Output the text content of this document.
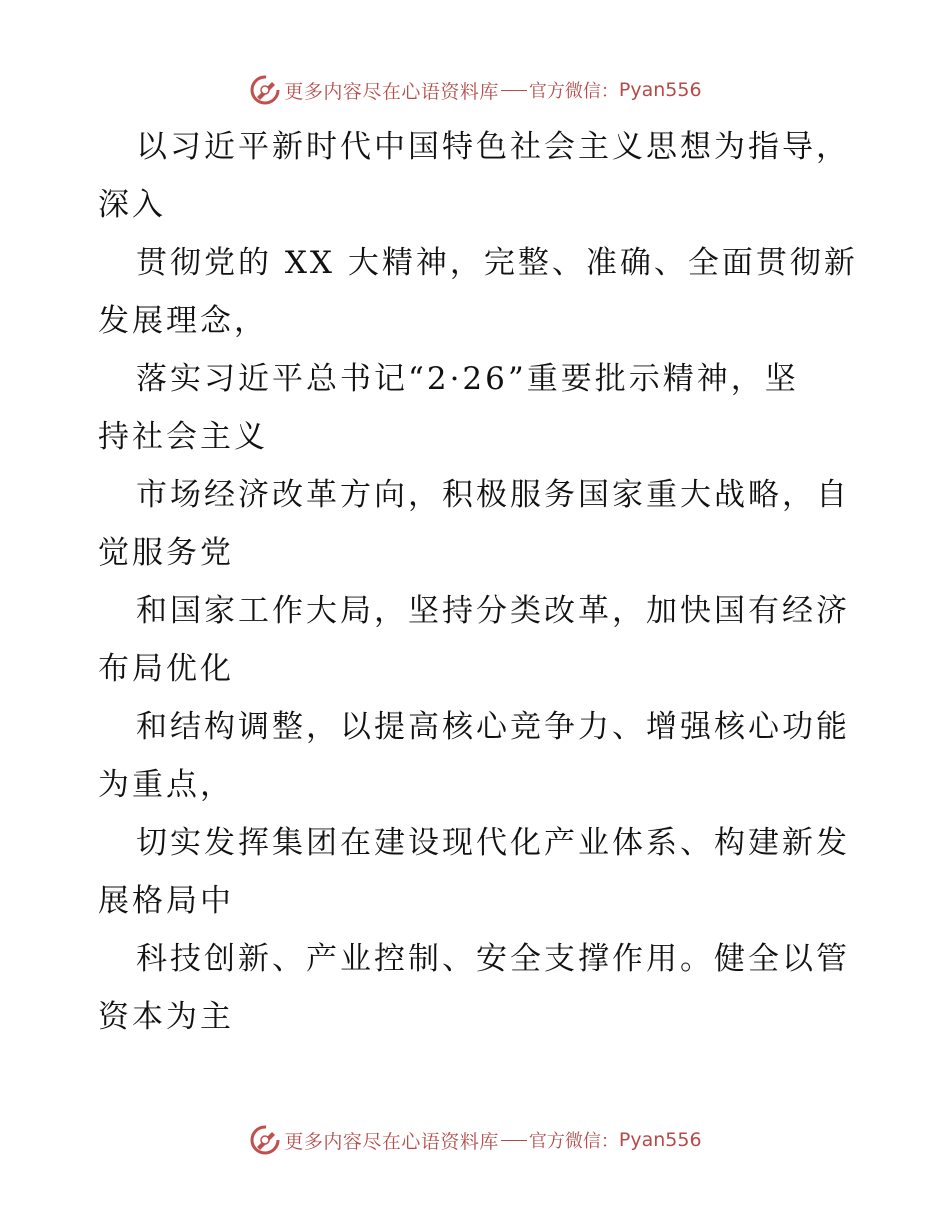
更多内容尽在心语资料库 官方微信： Pyan556
以习近平新时代中国特色社会主义思想为指导，
深入
贯彻党的 XX 大精神，完整、准确、全面贯彻新
发展理念，
落实习近平总书记“2·26”重要批示精神，坚
持社会主义
市场经济改革方向，积极服务国家重大战略，自
觉服务党
和国家工作大局，坚持分类改革，加快国有经济
布局优化
和结构调整，以提高核心竞争力、增强核心功能
为重点，
切实发挥集团在建设现代化产业体系、构建新发
展格局中
科技创新、产业控制、安全支撑作用。健全以管
资本为主
更多内容尽在心语资料库 官方微信： Pyan556
